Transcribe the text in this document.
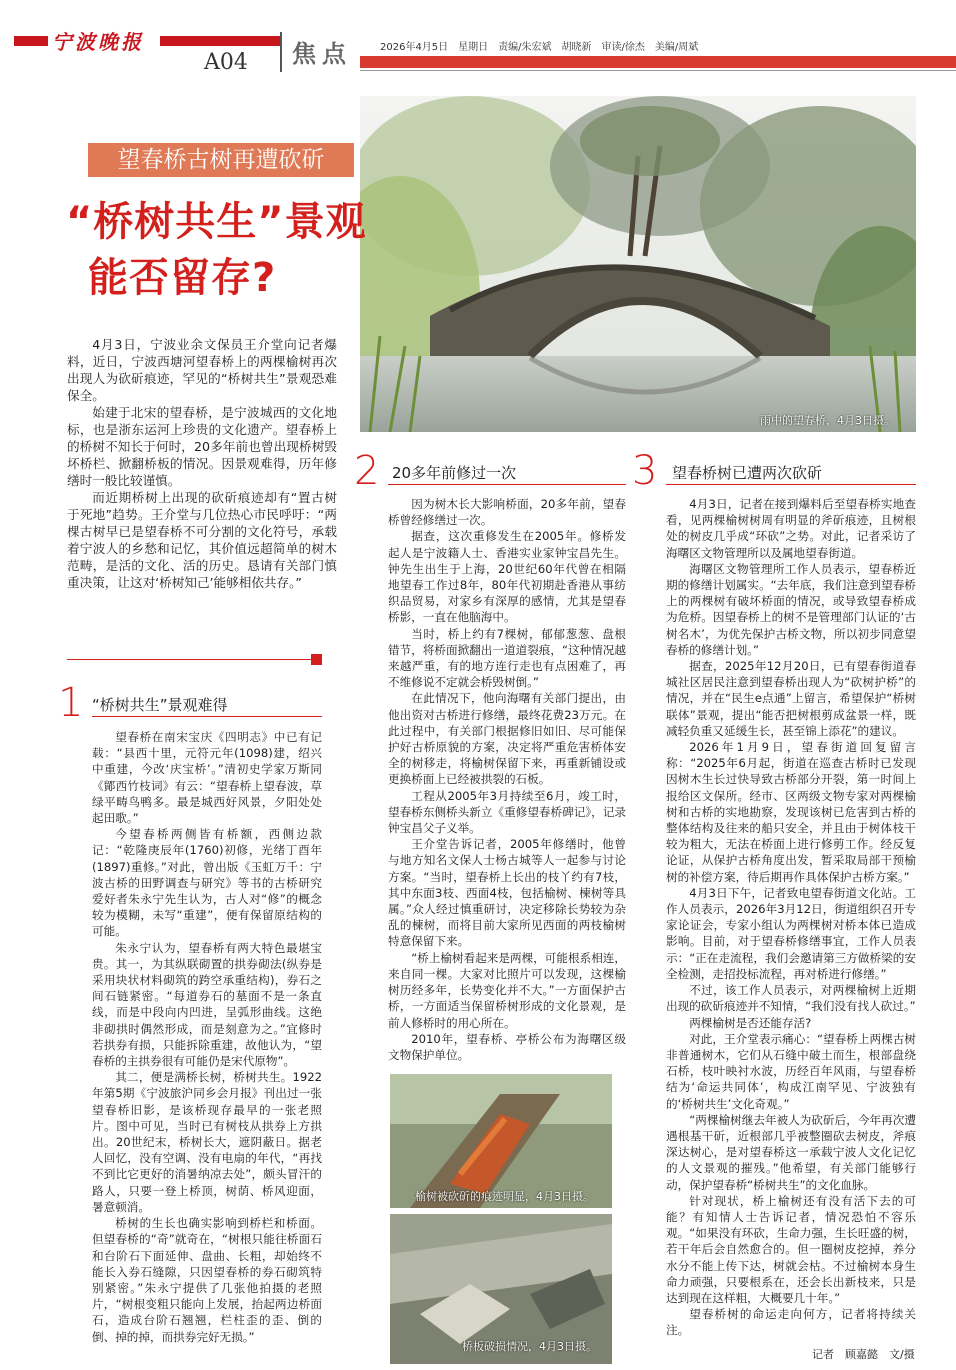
宁波晚报
A04 焦点	2026年4月5日　星期日　责编/朱宏斌　胡晓新　审读/徐杰　美编/周斌
雨中的望春桥，4月3日摄。
望春桥古树再遭砍斫
“桥树共生”景观
能否留存?

4月3日，宁波业余文保员王介堂向记者爆料，近日，宁波西塘河望春桥上的两棵榆树再次出现人为砍斫痕迹，罕见的“桥树共生”景观恐难保全。

始建于北宋的望春桥，是宁波城西的文化地标，也是浙东运河上珍贵的文化遗产。望春桥上的桥树不知长于何时，20多年前也曾出现桥树毁坏桥栏、掀翻桥板的情况。因景观难得，历年修缮时一般比较谨慎。

而近期桥树上出现的砍斫痕迹却有“置古树于死地”趋势。王介堂与几位热心市民呼吁：“两棵古树早已是望春桥不可分割的文化符号，承载着宁波人的乡愁和记忆，其价值远超简单的树木范畴，是活的文化、活的历史。恳请有关部门慎重决策，让这对‘桥树知己’能够相依共存。”

1 “桥树共生”景观难得

望春桥在南宋宝庆《四明志》中已有记载：“县西十里，元符元年(1098)建，绍兴中重建，今改‘庆宝桥’。”清初史学家万斯同《鄮西竹枝词》有云：“望春桥上望春波，草绿平畴鸟鸭多。最是城西好风景，夕阳处处起田歌。”

今望春桥两侧皆有桥额，西侧边款记：“乾隆庚辰年(1760)初修，光绪丁酉年(1897)重修。”对此，曾出版《玉虹万千：宁波古桥的田野调查与研究》等书的古桥研究爱好者朱永宁先生认为，古人对“修”的概念较为模糊，未写“重建”，便有保留原结构的可能。

朱永宁认为，望春桥有两大特色最堪宝贵。其一，为其纵联砌置的拱券砌法(纵券是采用块状材料砌筑的跨空承重结构)，券石之间石链紧密。“每道券石的墓面不是一条直线，而是中段向内凹进，呈弧形曲线。这绝非砌拱时偶然形成，而是刻意为之。”宜修时若拱券有损，只能拆除重建，故他认为，“望春桥的主拱券很有可能仍是宋代原物”。

其二，便是满桥长树，桥树共生。1922年第5期《宁波旅沪同乡会月报》刊出过一张望春桥旧影，是该桥现存最早的一张老照片。图中可见，当时已有树枝从拱券上方拱出。20世纪末，桥树长大，遮阴蔽日。据老人回忆，没有空调、没有电扇的年代，“再找不到比它更好的消暑纳凉去处”，颇头冒汗的路人，只要一登上桥顶，树荫、桥风迎面，暑意顿消。

桥树的生长也确实影响到桥栏和桥面。但望春桥的“奇”就奇在，“树根只能往桥面石和台阶石下面延伸、盘曲、长粗，却始终不能长入券石缝隙，只因望春桥的券石砌筑特别紧密。”朱永宁提供了几张他拍摄的老照片，“树根变粗只能向上发展，抬起两边桥面石，造成台阶石翘翘，栏柱歪的歪、倒的倒、掉的掉，而拱券完好无损。”

2 20多年前修过一次

因为树木长大影响桥面，20多年前，望春桥曾经修缮过一次。

据查，这次重修发生在2005年。修桥发起人是宁波籍人士、香港实业家钟宝昌先生。钟先生出生于上海，20世纪60年代曾在相隔地望春工作过8年，80年代初期赴香港从事纺织品贸易，对家乡有深厚的感情，尤其是望春桥影，一直在他脑海中。

当时，桥上约有7棵树，郁郁葱葱、盘根错节，将桥面掀翻出一道道裂痕，“这种情况越来越严重，有的地方连行走也有点困难了，再不维修说不定就会桥毁树倒。”

在此情况下，他向海曙有关部门提出，由他出资对古桥进行修缮，最终花费23万元。在此过程中，有关部门根据修旧如旧、尽可能保护好古桥原貌的方案，决定将严重危害桥体安全的树移走，将榆树保留下来，再重新铺设或更换桥面上已经被拱裂的石板。

工程从2005年3月持续至6月，竣工时，望春桥东侧桥头新立《重修望春桥碑记》，记录钟宝昌父子义举。

王介堂告诉记者，2005年修缮时，他曾与地方知名文保人士杨古城等人一起参与讨论方案。“当时，望春桥上长出的枝丫约有7枝，其中东面3枝、西面4枝，包括榆树、楝树等具属。”众人经过慎重研讨，决定移除长势较为杂乱的楝树，而将目前大家所见西面的两枝榆树特意保留下来。

“桥上榆树看起来是两棵，可能根系相连，来自同一棵。大家对比照片可以发现，这棵榆树历经多年，长势变化并不大。”一方面保护古桥，一方面适当保留桥树形成的文化景观，是前人修桥时的用心所在。

2010年，望春桥、亭桥公布为海曙区级文物保护单位。

榆树被砍斫的痕迹明显，4月3日摄。
桥板破损情况，4月3日摄。
3 望春桥树已遭两次砍斫

4月3日，记者在接到爆料后至望春桥实地查看，见两棵榆树树周有明显的斧斫痕迹，且树根处的树皮几乎成“环砍”之势。对此，记者采访了海曙区文物管理所以及属地望春街道。

海曙区文物管理所工作人员表示，望春桥近期的修缮计划属实。“去年底，我们注意到望春桥上的两棵树有破坏桥面的情况，或导致望春桥成为危桥。因望春桥上的树不是管理部门认证的‘古树名木’，为优先保护古桥文物，所以初步同意望春桥的修缮计划。”

据查，2025年12月20日，已有望春街道春城社区居民注意到望春桥出现人为“砍树护桥”的情况，并在“民生e点通”上留言，希望保护“桥树联体”景观，提出“能否把树根剪成盆景一样，既减轻负重又延缓生长，甚至锦上添花”的建议。

2026年1月9日，望春街道回复留言称：“2025年6月起，街道在巡查古桥时已发现因树木生长过快导致古桥部分开裂，第一时间上报给区文保所。经市、区两级文物专家对两棵榆树和古桥的实地勘察，发现该树已危害到古桥的整体结构及往来的船只安全，并且由于树体枝干较为粗大，无法在桥面上进行修剪工作。经反复论证，从保护古桥角度出发，暂采取局部干预榆树的补偿方案，待后期再作具体保护古桥方案。”

4月3日下午，记者致电望春街道文化站。工作人员表示，2026年3月12日，街道组织召开专家论证会，专家小组认为两棵树对桥本体已造成影响。目前，对于望春桥修缮事宜，工作人员表示：“正在走流程，我们会邀请第三方做桥梁的安全检测，走招投标流程，再对桥进行修缮。”

不过，该工作人员表示，对两棵榆树上近期出现的砍斫痕迹并不知情，“我们没有找人砍过。”

两棵榆树是否还能存活?

对此，王介堂表示痛心：“望春桥上两棵古树非普通树木，它们从石缝中破土而生，根部盘绕石桥，枝叶映衬水波，历经百年风雨，与望春桥结为‘命运共同体’，构成江南罕见、宁波独有的‘桥树共生’文化奇观。”

“两棵榆树继去年被人为砍斫后，今年再次遭遇根基干斫，近根部几乎被整圈砍去树皮，斧痕深达树心，是对望春桥这一承载宁波人文化记忆的人文景观的摧残。”他希望，有关部门能够行动，保护望春桥“桥树共生”的文化血脉。

针对现状，桥上榆树还有没有活下去的可能？有知情人士告诉记者，情况恐怕不容乐观。“如果没有环砍，生命力强，生长旺盛的树，若干年后会自然愈合的。但一圈树皮挖掉，养分水分不能上传下达，树就会枯。不过榆树本身生命力顽强，只要根系在，还会长出新枝来，只是达到现在这样粗，大概要几十年。”

望春桥树的命运走向何方，记者将持续关注。

记者　顾嘉懿　文/摄
